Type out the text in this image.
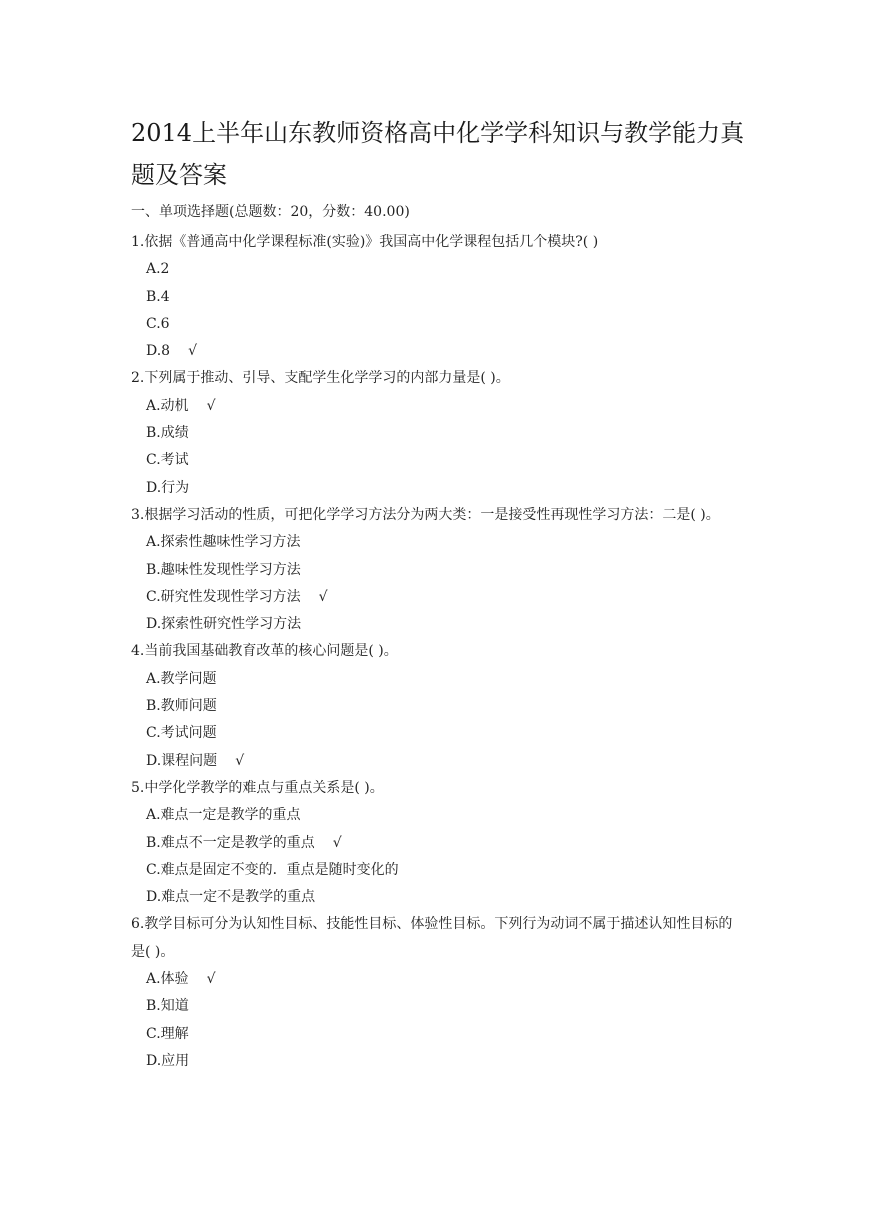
2014上半年山东教师资格高中化学学科知识与教学能力真题及答案
一、单项选择题(总题数：20，分数：40.00)

1.依据《普通高中化学课程标准(实验)》我国高中化学课程包括几个模块?( )

A.2

B.4

C.6

D.8 √

2.下列属于推动、引导、支配学生化学学习的内部力量是( )。

A.动机 √

B.成绩

C.考试

D.行为

3.根据学习活动的性质，可把化学学习方法分为两大类：一是接受性再现性学习方法：二是( )。

A.探索性趣味性学习方法

B.趣味性发现性学习方法

C.研究性发现性学习方法 √

D.探索性研究性学习方法

4.当前我国基础教育改革的核心问题是( )。

A.教学问题

B.教师问题

C.考试问题

D.课程问题 √

5.中学化学教学的难点与重点关系是( )。

A.难点一定是教学的重点

B.难点不一定是教学的重点 √

C.难点是固定不变的．重点是随时变化的

D.难点一定不是教学的重点

6.教学目标可分为认知性目标、技能性目标、体验性目标。下列行为动词不属于描述认知性目标的是( )。

A.体验 √

B.知道

C.理解

D.应用
